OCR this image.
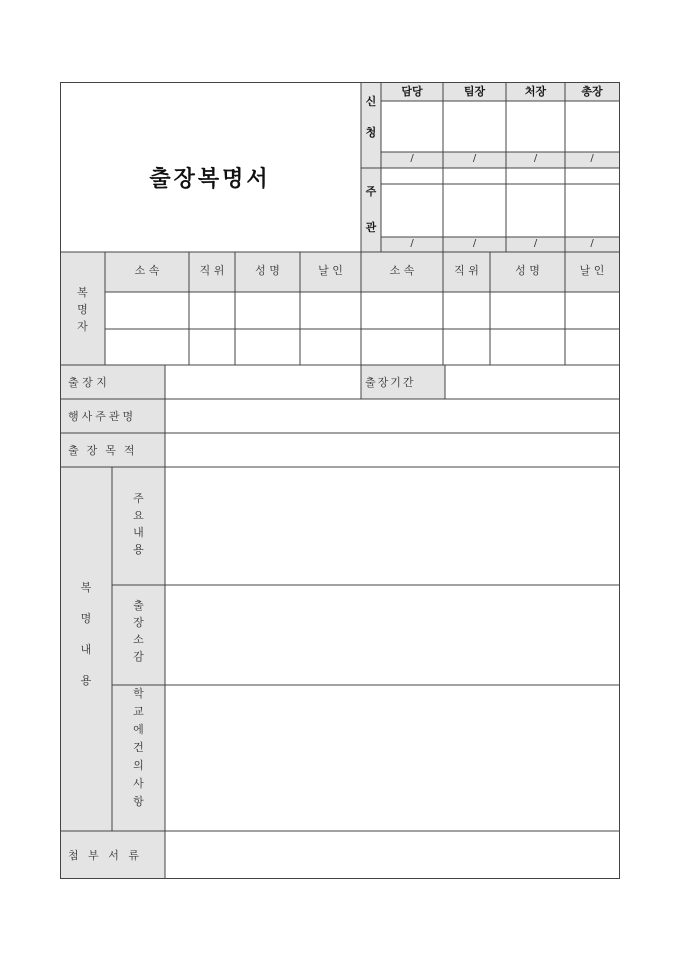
출장복명서
신
청
주
관
담당	팀장	처장	총장
/	/	/	/
/	/	/	/
복
명
자
소 속	직 위	성 명	날 인	소 속	직 위	성 명	날 인
출 장 지	출장기간
행사주관명
출장목적
복
명
내
용
주
요
내
용
출
장
소
감
학
교
에
건
의
사
항
첨 부 서 류
